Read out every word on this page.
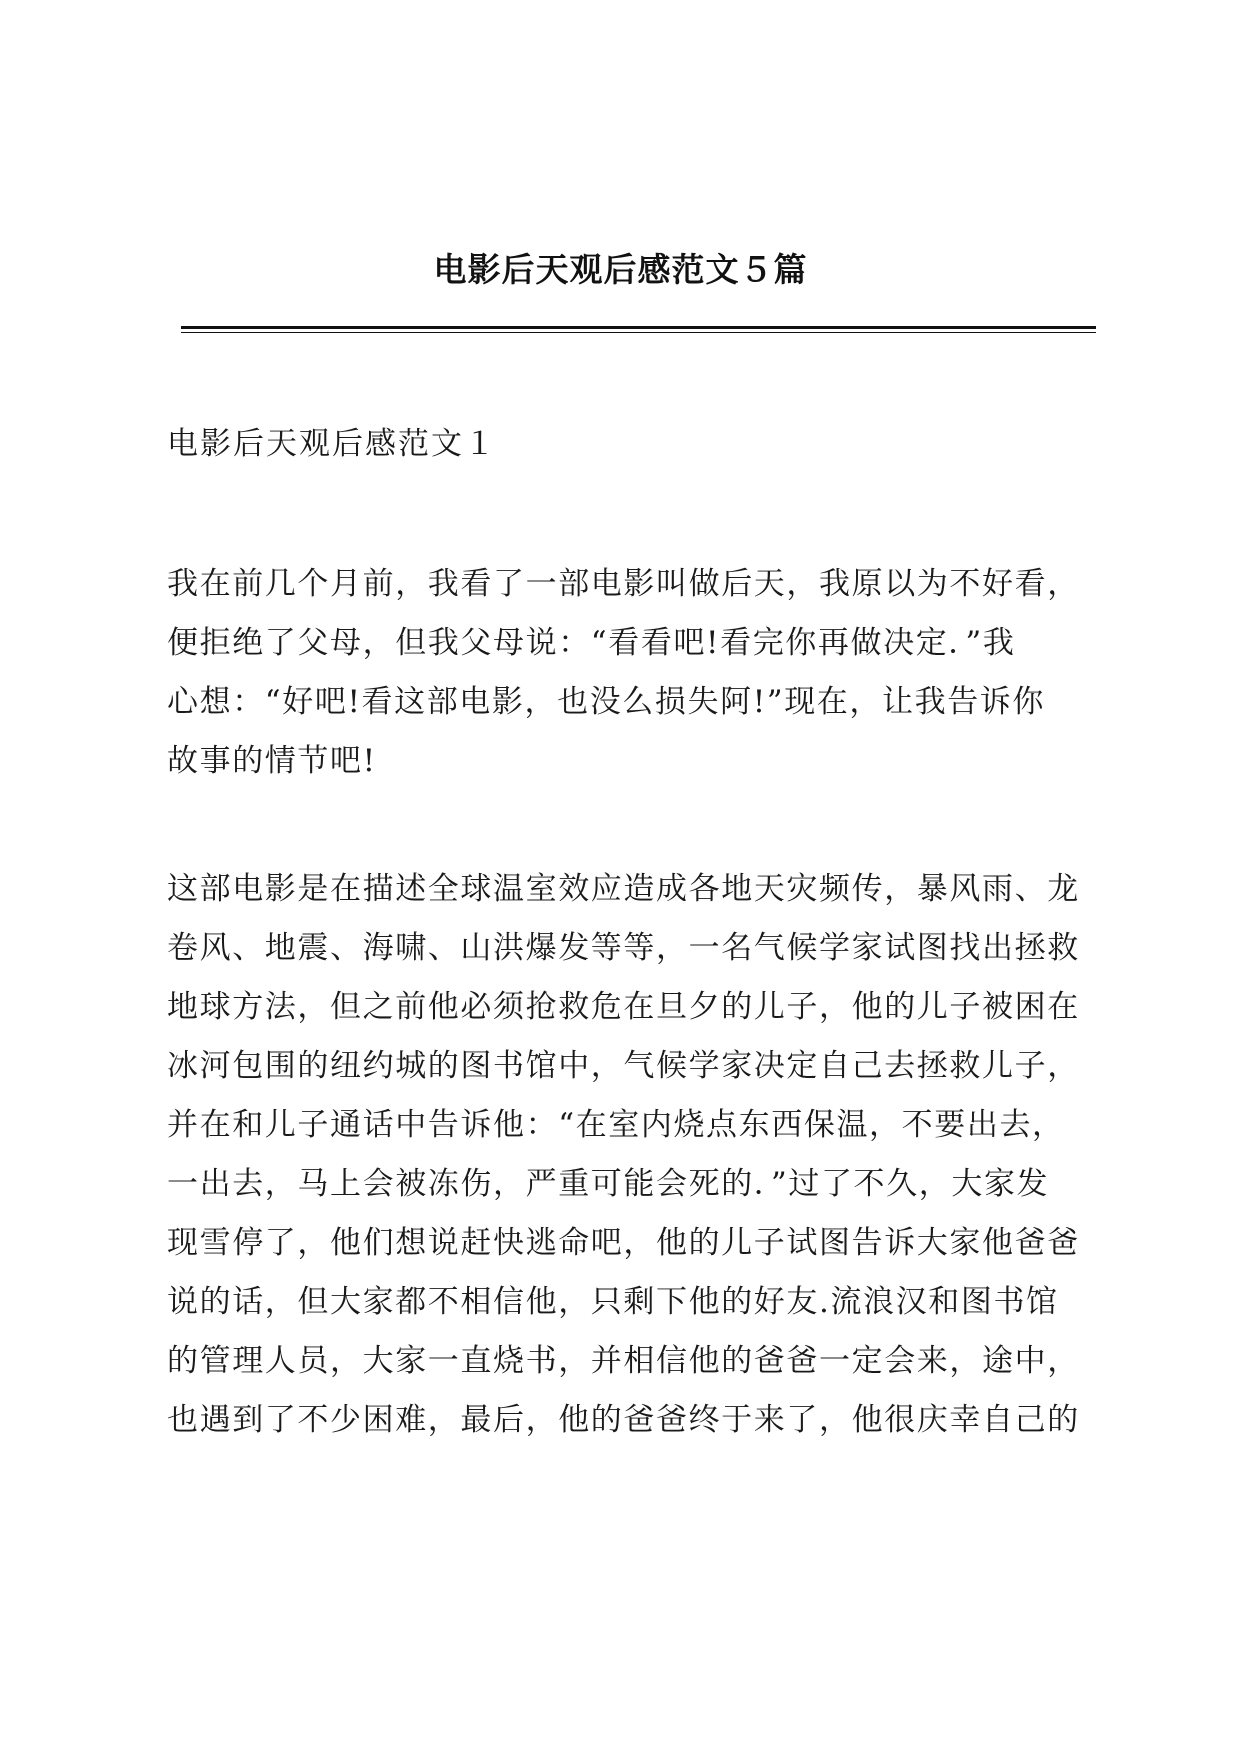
电影后天观后感范文５篇

电影后天观后感范文１

我在前几个月前，我看了一部电影叫做后天，我原以为不好看，
便拒绝了父母，但我父母说：“看看吧!看完你再做决定．”我
心想：“好吧!看这部电影，也没么损失阿!”现在，让我告诉你
故事的情节吧!

这部电影是在描述全球温室效应造成各地天灾频传，暴风雨、龙
卷风、地震、海啸、山洪爆发等等，一名气候学家试图找出拯救
地球方法，但之前他必须抢救危在旦夕的儿子，他的儿子被困在
冰河包围的纽约城的图书馆中，气候学家决定自己去拯救儿子，
并在和儿子通话中告诉他：“在室内烧点东西保温，不要出去，
一出去，马上会被冻伤，严重可能会死的．”过了不久，大家发
现雪停了，他们想说赶快逃命吧，他的儿子试图告诉大家他爸爸
说的话，但大家都不相信他，只剩下他的好友.流浪汉和图书馆
的管理人员，大家一直烧书，并相信他的爸爸一定会来，途中，
也遇到了不少困难，最后，他的爸爸终于来了，他很庆幸自己的
